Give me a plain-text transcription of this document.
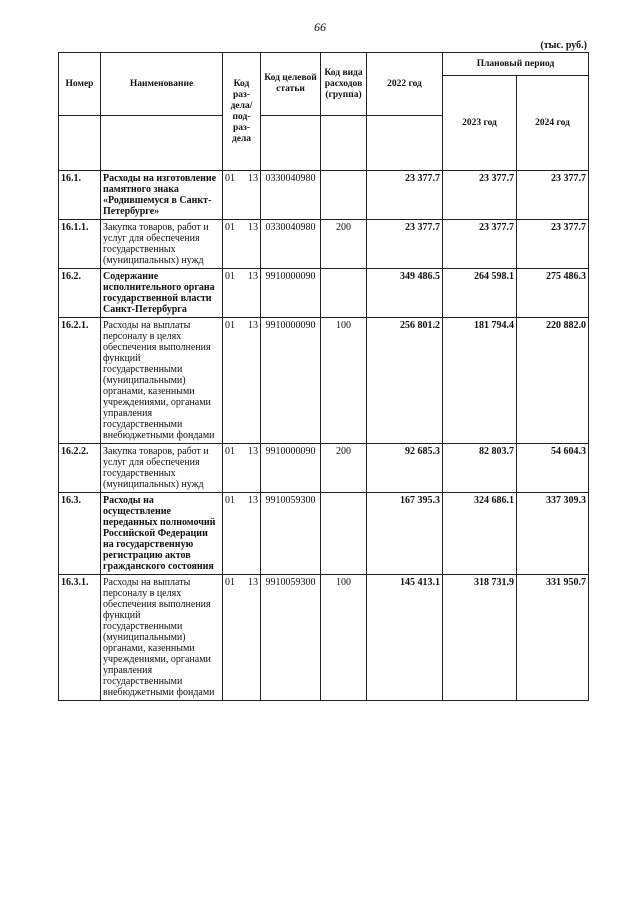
66
(тыс. руб.)
Номер	Наименование	Код раз-дела/ под-раз-дела	Код целевой статьи	Код вида расходов (группа)	2022 год	Плановый период	
						2023 год	2024 год

16.1.	Расходы на изготовление памятного знака «Родившемуся в Санкт-Петербурге»	01 13	0330040980		23 377.7	23 377.7	23 377.7
16.1.1.	Закупка товаров, работ и услуг для обеспечения государственных (муниципальных) нужд	01 13	0330040980	200	23 377.7	23 377.7	23 377.7
16.2.	Содержание исполнительного органа государственной власти Санкт-Петербурга	01 13	9910000090		349 486.5	264 598.1	275 486.3
16.2.1.	Расходы на выплаты персоналу в целях обеспечения выполнения функций государственными (муниципальными) органами, казенными учреждениями, органами управления государственными внебюджетными фондами	01 13	9910000090	100	256 801.2	181 794.4	220 882.0
16.2.2.	Закупка товаров, работ и услуг для обеспечения государственных (муниципальных) нужд	01 13	9910000090	200	92 685.3	82 803.7	54 604.3
16.3.	Расходы на осуществление переданных полномочий Российской Федерации на государственную регистрацию актов гражданского состояния	01 13	9910059300		167 395.3	324 686.1	337 309.3
16.3.1.	Расходы на выплаты персоналу в целях обеспечения выполнения функций государственными (муниципальными) органами, казенными учреждениями, органами управления государственными внебюджетными фондами	01 13	9910059300	100	145 413.1	318 731.9	331 950.7
